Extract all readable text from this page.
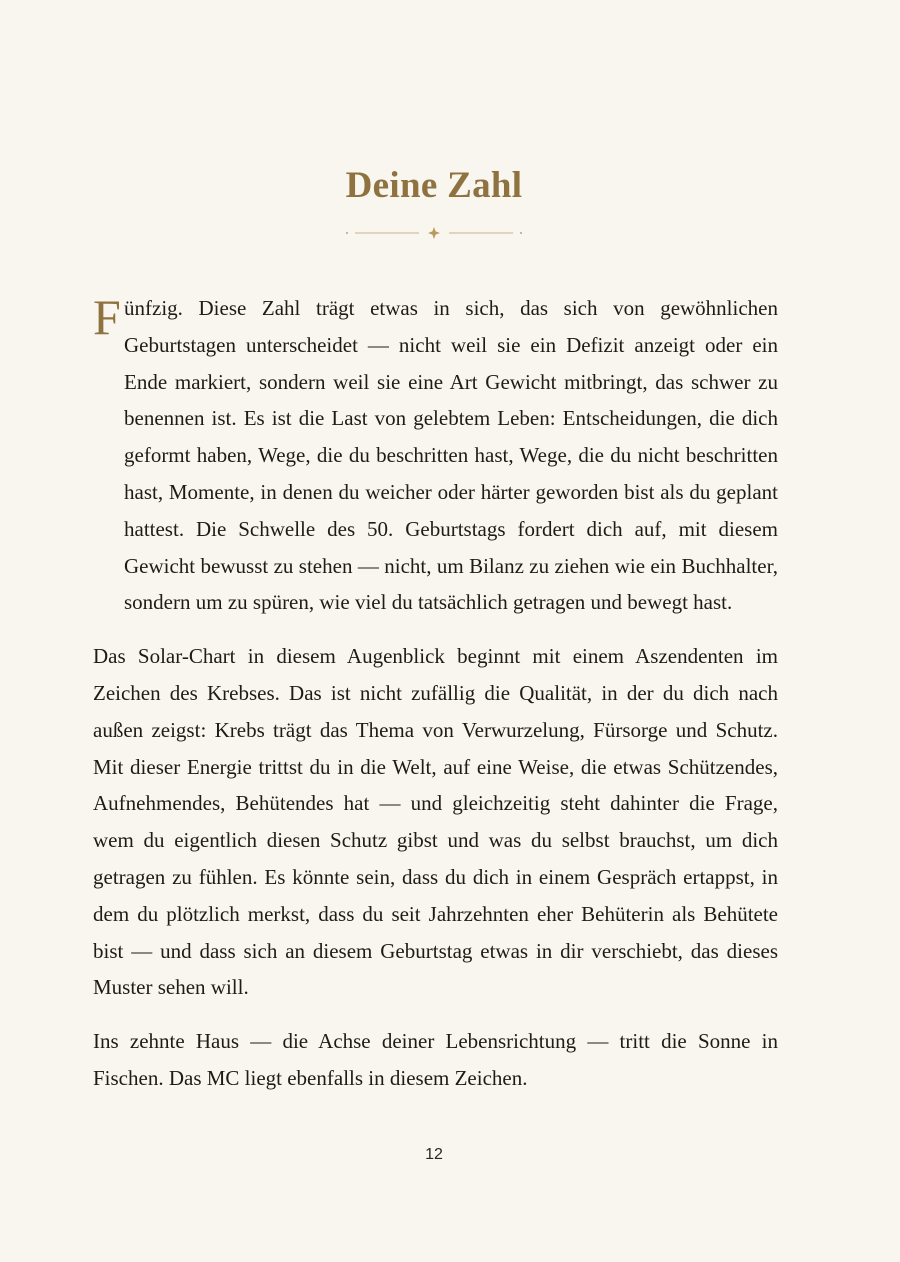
Deine Zahl

F ünfzig. Diese Zahl trägt etwas in sich, das sich von gewöhnlichen Geburtstagen unterscheidet — nicht weil sie ein Defizit anzeigt oder ein Ende markiert, sondern weil sie eine Art Gewicht mitbringt, das schwer zu benennen ist. Es ist die Last von gelebtem Leben: Entscheidungen, die dich geformt haben, Wege, die du beschritten hast, Wege, die du nicht beschritten hast, Momente, in denen du weicher oder härter geworden bist als du geplant hattest. Die Schwelle des 50. Geburtstags fordert dich auf, mit diesem Gewicht bewusst zu stehen — nicht, um Bilanz zu ziehen wie ein Buchhalter, sondern um zu spüren, wie viel du tatsächlich getragen und bewegt hast.

Das Solar-Chart in diesem Augenblick beginnt mit einem Aszendenten im Zeichen des Krebses. Das ist nicht zufällig die Qualität, in der du dich nach außen zeigst: Krebs trägt das Thema von Verwurzelung, Fürsorge und Schutz. Mit dieser Energie trittst du in die Welt, auf eine Weise, die etwas Schützendes, Aufnehmendes, Behütendes hat — und gleichzeitig steht dahinter die Frage, wem du eigentlich diesen Schutz gibst und was du selbst brauchst, um dich getragen zu fühlen. Es könnte sein, dass du dich in einem Gespräch ertappst, in dem du plötzlich merkst, dass du seit Jahrzehnten eher Behüterin als Behütete bist — und dass sich an diesem Geburtstag etwas in dir verschiebt, das dieses Muster sehen will.

Ins zehnte Haus — die Achse deiner Lebensrichtung — tritt die Sonne in Fischen. Das MC liegt ebenfalls in diesem Zeichen.

12
